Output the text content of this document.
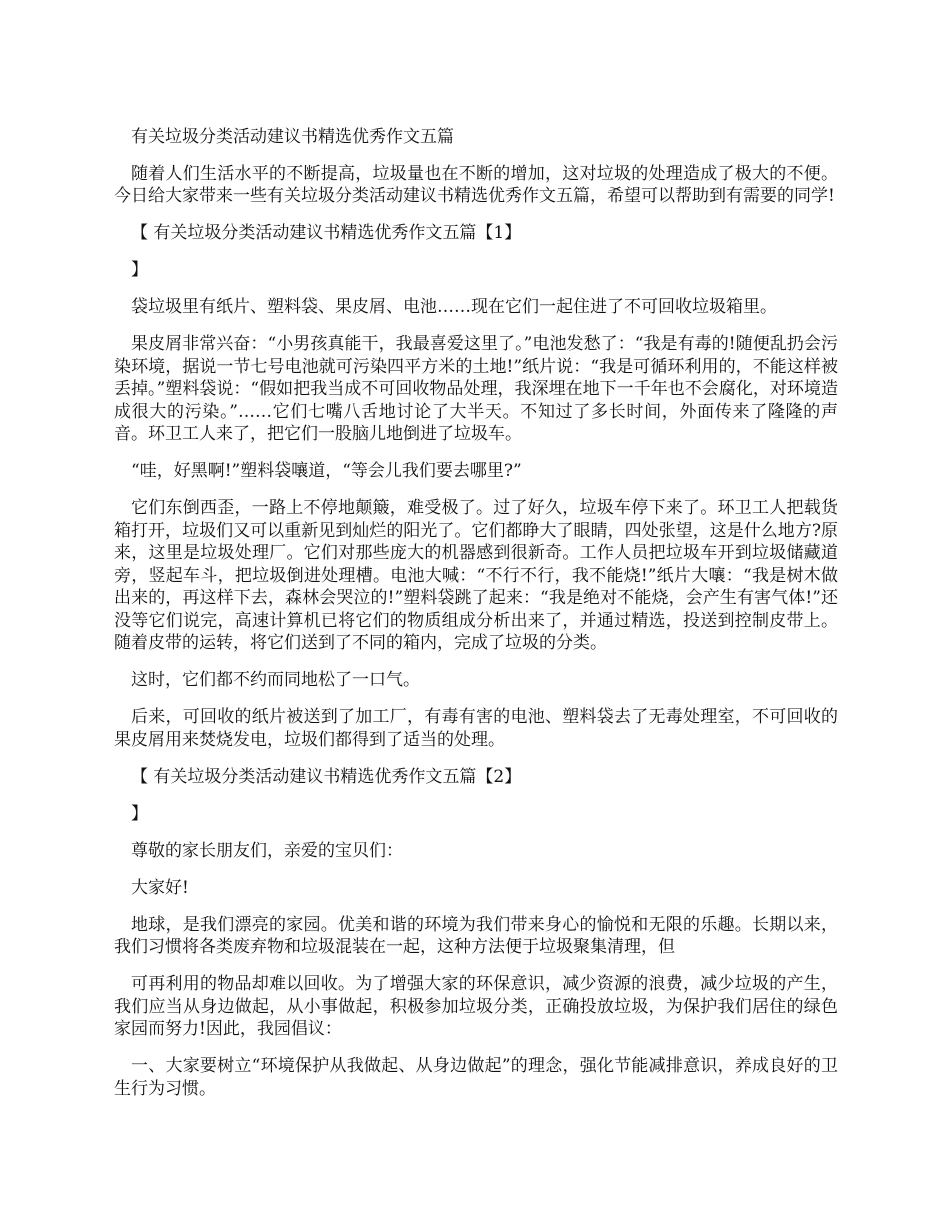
有关垃圾分类活动建议书精选优秀作文五篇

随着人们生活水平的不断提高，垃圾量也在不断的增加，这对垃圾的处理造成了极大的不便。今日给大家带来一些有关垃圾分类活动建议书精选优秀作文五篇，希望可以帮助到有需要的同学!

【 有关垃圾分类活动建议书精选优秀作文五篇【1】

】

袋垃圾里有纸片、塑料袋、果皮屑、电池……现在它们一起住进了不可回收垃圾箱里。

果皮屑非常兴奋：“小男孩真能干，我最喜爱这里了。”电池发愁了：“我是有毒的!随便乱扔会污染环境，据说一节七号电池就可污染四平方米的土地!”纸片说：“我是可循环利用的，不能这样被丢掉。”塑料袋说：“假如把我当成不可回收物品处理，我深埋在地下一千年也不会腐化，对环境造成很大的污染。”……它们七嘴八舌地讨论了大半天。不知过了多长时间，外面传来了隆隆的声音。环卫工人来了，把它们一股脑儿地倒进了垃圾车。

“哇，好黑啊!”塑料袋嚷道，“等会儿我们要去哪里?”

它们东倒西歪，一路上不停地颠簸，难受极了。过了好久，垃圾车停下来了。环卫工人把载货箱打开，垃圾们又可以重新见到灿烂的阳光了。它们都睁大了眼睛，四处张望，这是什么地方?原来，这里是垃圾处理厂。它们对那些庞大的机器感到很新奇。工作人员把垃圾车开到垃圾储藏道旁，竖起车斗，把垃圾倒进处理槽。电池大喊：“不行不行，我不能烧!”纸片大嚷：“我是树木做出来的，再这样下去，森林会哭泣的!”塑料袋跳了起来：“我是绝对不能烧，会产生有害气体!”还没等它们说完，高速计算机已将它们的物质组成分析出来了，并通过精选，投送到控制皮带上。随着皮带的运转，将它们送到了不同的箱内，完成了垃圾的分类。

这时，它们都不约而同地松了一口气。

后来，可回收的纸片被送到了加工厂，有毒有害的电池、塑料袋去了无毒处理室，不可回收的果皮屑用来焚烧发电，垃圾们都得到了适当的处理。

【 有关垃圾分类活动建议书精选优秀作文五篇【2】

】

尊敬的家长朋友们，亲爱的宝贝们：

大家好!

地球，是我们漂亮的家园。优美和谐的环境为我们带来身心的愉悦和无限的乐趣。长期以来，我们习惯将各类废弃物和垃圾混装在一起，这种方法便于垃圾聚集清理，但

可再利用的物品却难以回收。为了增强大家的环保意识，减少资源的浪费，减少垃圾的产生，我们应当从身边做起，从小事做起，积极参加垃圾分类，正确投放垃圾，为保护我们居住的绿色家园而努力!因此，我园倡议：

一、大家要树立“环境保护从我做起、从身边做起”的理念，强化节能减排意识，养成良好的卫生行为习惯。
